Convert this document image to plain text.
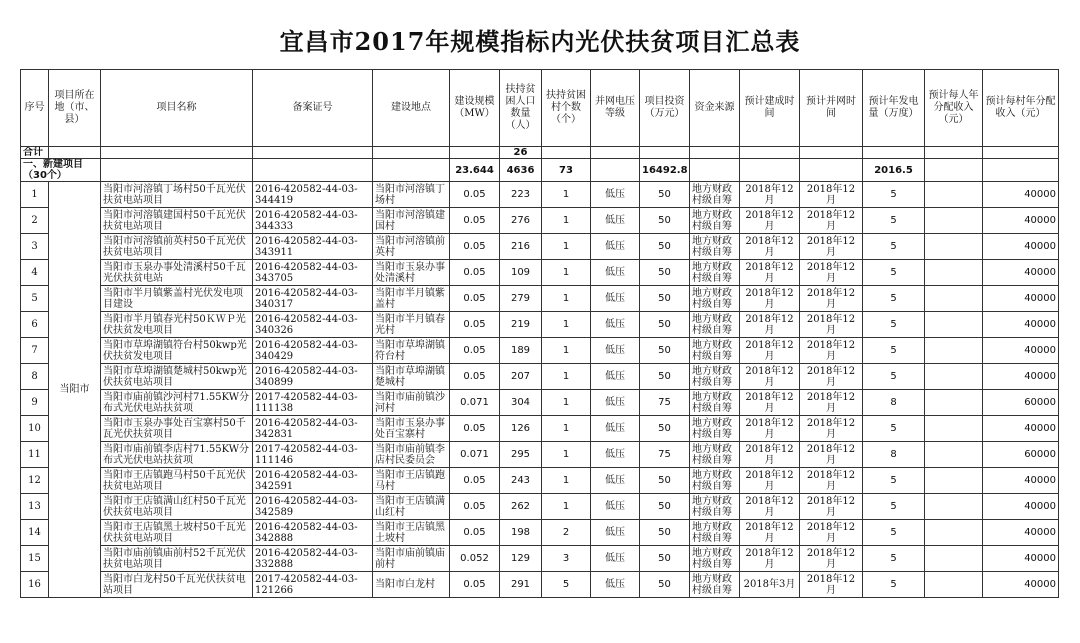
宜昌市2017年规模指标内光伏扶贫项目汇总表
序号	项目所在地（市、县）	项目名称	备案证号	建设地点	建设规模（MW）	扶持贫困人口数量（人）	扶持贫困村个数（个）	并网电压等级	项目投资（万元）	资金来源	预计建成时间	预计并网时间	预计年发电量（万度）	预计每人年分配收入（元）	预计每村年分配收入（元）
合计						26									
一、新建项目（30个）					23.644	4636	73		16492.8				2016.5		
1	当阳市	当阳市河溶镇丁场村50千瓦光伏扶贫电站项目	2016-420582-44-03-344419	当阳市河溶镇丁场村	0.05	223	1	低压	50	地方财政村级自筹	2018年12月	2018年12月	5		40000
2		当阳市河溶镇建国村50千瓦光伏扶贫电站项目	2016-420582-44-03-344333	当阳市河溶镇建国村	0.05	276	1	低压	50	地方财政村级自筹	2018年12月	2018年12月	5		40000
3		当阳市河溶镇前英村50千瓦光伏扶贫电站项目	2016-420582-44-03-343911	当阳市河溶镇前英村	0.05	216	1	低压	50	地方财政村级自筹	2018年12月	2018年12月	5		40000
4		当阳市玉泉办事处清溪村50千瓦光伏扶贫电站	2016-420582-44-03-343705	当阳市玉泉办事处清溪村	0.05	109	1	低压	50	地方财政村级自筹	2018年12月	2018年12月	5		40000
5		当阳市半月镇紫盖村光伏发电项目建设	2016-420582-44-03-340317	当阳市半月镇紫盖村	0.05	279	1	低压	50	地方财政村级自筹	2018年12月	2018年12月	5		40000
6		当阳市半月镇春光村50ＫＷＰ光伏扶贫发电项目	2016-420582-44-03-340326	当阳市半月镇春光村	0.05	219	1	低压	50	地方财政村级自筹	2018年12月	2018年12月	5		40000
7		当阳市草埠湖镇符台村50kwp光伏扶贫发电项目	2016-420582-44-03-340429	当阳市草埠湖镇符台村	0.05	189	1	低压	50	地方财政村级自筹	2018年12月	2018年12月	5		40000
8		当阳市草埠湖镇楚城村50kwp光伏扶贫电站项目	2016-420582-44-03-340899	当阳市草埠湖镇楚城村	0.05	207	1	低压	50	地方财政村级自筹	2018年12月	2018年12月	5		40000
9		当阳市庙前镇沙河村71.55KW分布式光伏电站扶贫项	2017-420582-44-03-111138	当阳市庙前镇沙河村	0.071	304	1	低压	75	地方财政村级自筹	2018年12月	2018年12月	8		60000
10		当阳市玉泉办事处百宝寨村50千瓦光伏扶贫项目	2016-420582-44-03-342831	当阳市玉泉办事处百宝寨村	0.05	126	1	低压	50	地方财政村级自筹	2018年12月	2018年12月	5		40000
11		当阳市庙前镇李店村71.55KW分布式光伏电站扶贫项	2017-420582-44-03-111146	当阳市庙前镇李店村民委员会	0.071	295	1	低压	75	地方财政村级自筹	2018年12月	2018年12月	8		60000
12		当阳市王店镇跑马村50千瓦光伏扶贫电站项目	2016-420582-44-03-342591	当阳市王店镇跑马村	0.05	243	1	低压	50	地方财政村级自筹	2018年12月	2018年12月	5		40000
13		当阳市王店镇满山红村50千瓦光伏扶贫电站项目	2016-420582-44-03-342589	当阳市王店镇满山红村	0.05	262	1	低压	50	地方财政村级自筹	2018年12月	2018年12月	5		40000
14		当阳市王店镇黑土坡村50千瓦光伏扶贫电站项目	2016-420582-44-03-342888	当阳市王店镇黑土坡村	0.05	198	2	低压	50	地方财政村级自筹	2018年12月	2018年12月	5		40000
15		当阳市庙前镇庙前村52千瓦光伏扶贫电站项目	2016-420582-44-03-332888	当阳市庙前镇庙前村	0.052	129	3	低压	50	地方财政村级自筹	2018年12月	2018年12月	5		40000
16		当阳市白龙村50千瓦光伏扶贫电站项目	2017-420582-44-03-121266	当阳市白龙村	0.05	291	5	低压	50	地方财政村级自筹	2018年3月	2018年12月	5		40000
